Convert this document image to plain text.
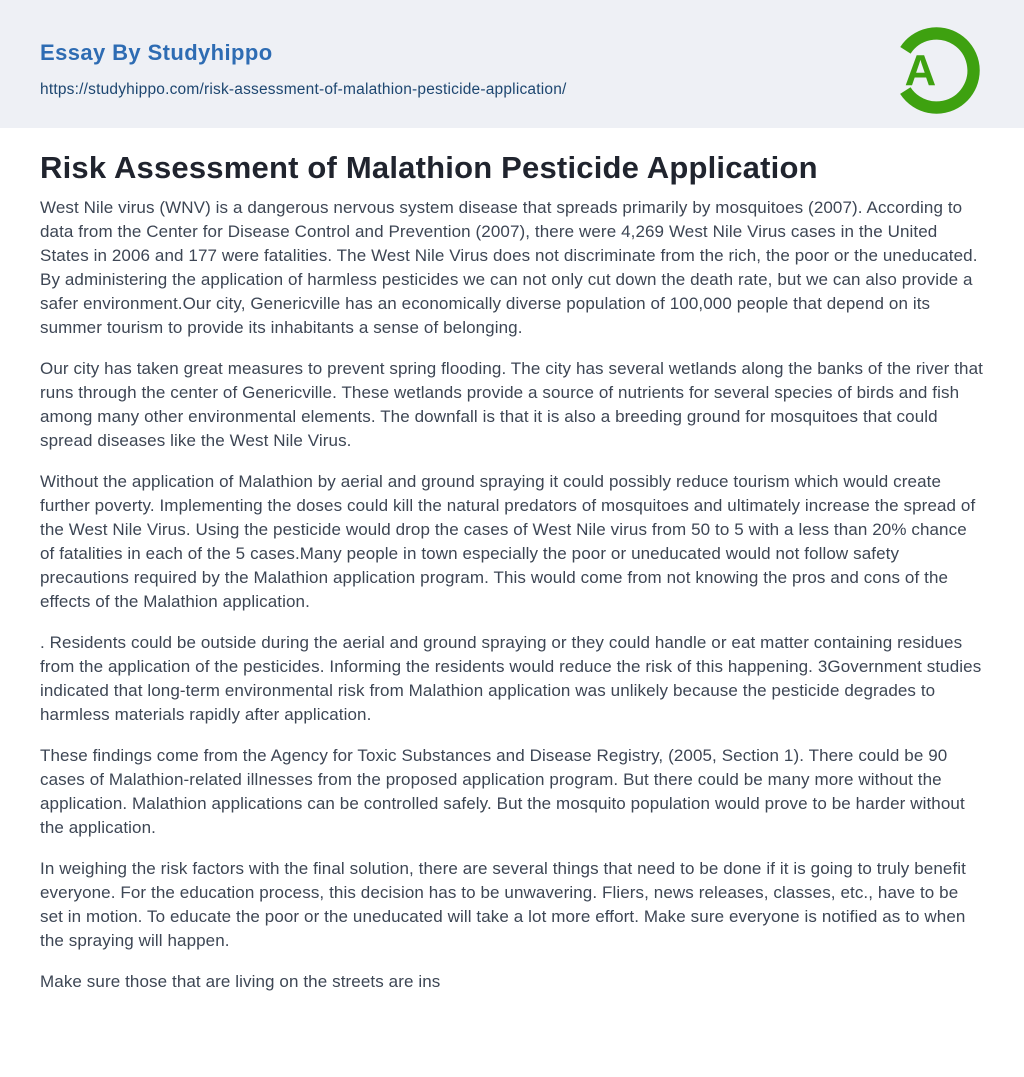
Essay By Studyhippo
https://studyhippo.com/risk-assessment-of-malathion-pesticide-application/	A
Risk Assessment of Malathion Pesticide Application

West Nile virus (WNV) is a dangerous nervous system disease that spreads primarily by mosquitoes (2007). According to data from the Center for Disease Control and Prevention (2007), there were 4,269 West Nile Virus cases in the United States in 2006 and 177 were fatalities. The West Nile Virus does not discriminate from the rich, the poor or the uneducated. By administering the application of harmless pesticides we can not only cut down the death rate, but we can also provide a safer environment.Our city, Genericville has an economically diverse population of 100,000 people that depend on its summer tourism to provide its inhabitants a sense of belonging.

Our city has taken great measures to prevent spring flooding. The city has several wetlands along the banks of the river that runs through the center of Genericville. These wetlands provide a source of nutrients for several species of birds and fish among many other environmental elements. The downfall is that it is also a breeding ground for mosquitoes that could spread diseases like the West Nile Virus.

Without the application of Malathion by aerial and ground spraying it could possibly reduce tourism which would create further poverty. Implementing the doses could kill the natural predators of mosquitoes and ultimately increase the spread of the West Nile Virus. Using the pesticide would drop the cases of West Nile virus from 50 to 5 with a less than 20% chance of fatalities in each of the 5 cases.Many people in town especially the poor or uneducated would not follow safety precautions required by the Malathion application program. This would come from not knowing the pros and cons of the effects of the Malathion application.

. Residents could be outside during the aerial and ground spraying or they could handle or eat matter containing residues from the application of the pesticides. Informing the residents would reduce the risk of this happening. 3Government studies indicated that long-term environmental risk from Malathion application was unlikely because the pesticide degrades to harmless materials rapidly after application.

These findings come from the Agency for Toxic Substances and Disease Registry, (2005, Section 1). There could be 90 cases of Malathion-related illnesses from the proposed application program. But there could be many more without the application. Malathion applications can be controlled safely. But the mosquito population would prove to be harder without the application.

In weighing the risk factors with the final solution, there are several things that need to be done if it is going to truly benefit everyone. For the education process, this decision has to be unwavering. Fliers, news releases, classes, etc., have to be set in motion. To educate the poor or the uneducated will take a lot more effort. Make sure everyone is notified as to when the spraying will happen.

Make sure those that are living on the streets are ins
